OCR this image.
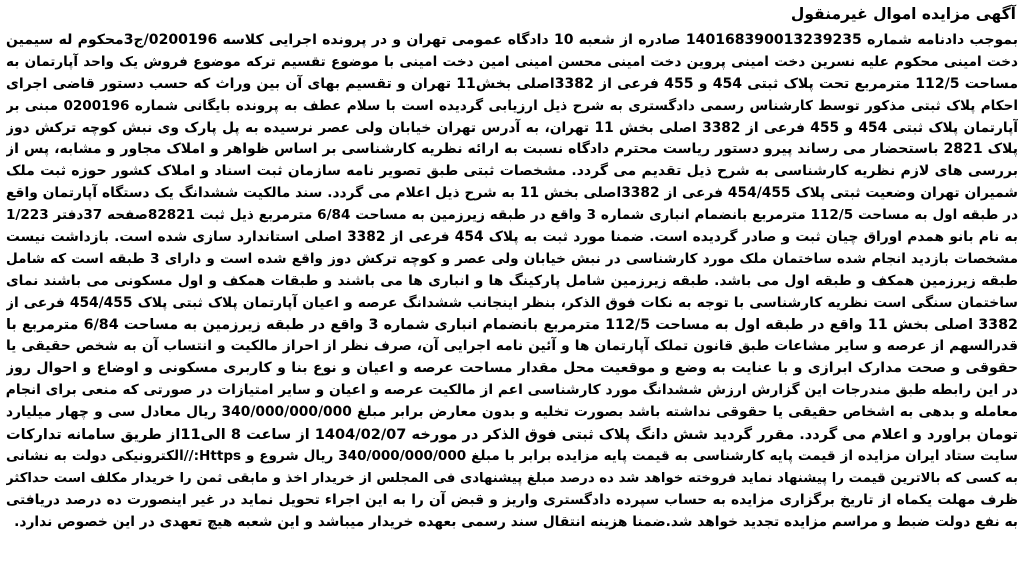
آگهی مزایده اموال غیرمنقول
بموجب دادنامه شماره 140168390013239235 صادره از شعبه 10 دادگاه عمومی تهران و در پرونده اجرایی کلاسه 0200196/ج3محکوم له سیمین
دخت امینی محکوم علیه نسرین دخت امینی پروین دخت امینی محسن امینی امین دخت امینی با موضوع تقسیم ترکه موضوع فروش یک واحد آپارتمان به
مساحت 112/5 مترمربع تحت پلاک ثبتی 454 و 455 فرعی از 3382اصلی بخش11 تهران و تقسیم بهای آن بین وراث که حسب دستور قاضی اجرای
احکام پلاک ثبتی مذکور توسط کارشناس رسمی دادگستری به شرح ذیل ارزیابی گردیده است با سلام عطف به پرونده بایگانی شماره 0200196 مبنی بر
آپارتمان پلاک ثبتی 454 و 455 فرعی از 3382 اصلی بخش 11 تهران، به آدرس تهران خیابان ولی عصر نرسیده به پل پارک وی نبش کوچه ترکش دوز
پلاک 2821 باستحضار می رساند پیرو دستور ریاست محترم دادگاه نسبت به ارائه نظریه کارشناسی بر اساس ظواهر و املاک مجاور و مشابه، پس از
بررسی های لازم نظریه کارشناسی به شرح ذیل تقدیم می گردد. مشخصات ثبتی طبق تصویر نامه سازمان ثبت اسناد و املاک کشور حوزه ثبت ملک
شمیران تهران وضعیت ثبتی پلاک 454/455 فرعی از 3382اصلی بخش 11 به شرح ذیل اعلام می گردد. سند مالکیت ششدانگ یک دستگاه آپارتمان واقع
در طبقه اول به مساحت 112/5 مترمربع بانضمام انباری شماره 3 واقع در طبقه زیرزمین به مساحت 6/84 مترمربع ذیل ثبت 82821صفحه 37دفتر 1/223
به نام بانو همدم اوراق چیان ثبت و صادر گردیده است. ضمنا مورد ثبت به پلاک 454 فرعی از 3382 اصلی استاندارد سازی شده است. بازداشت نیست
مشخصات بازدید انجام شده ساختمان ملک مورد کارشناسی در نبش خیابان ولی عصر و کوچه ترکش دوز واقع شده است و دارای 3 طبقه است که شامل
طبقه زیرزمین همکف و طبقه اول می باشد. طبقه زیرزمین شامل پارکینگ ها و انباری ها می باشند و طبقات همکف و اول مسکونی می باشند نمای
ساختمان سنگی است نظریه کارشناسی با توجه به نکات فوق الذکر، بنظر اینجانب ششدانگ عرصه و اعیان آپارتمان پلاک ثبتی پلاک 454/455 فرعی از
3382 اصلی بخش 11 واقع در طبقه اول به مساحت 112/5 مترمربع بانضمام انباری شماره 3 واقع در طبقه زیرزمین به مساحت 6/84 مترمربع با
قدرالسهم از عرصه و سایر مشاعات طبق قانون تملک آپارتمان ها و آئین نامه اجرایی آن، صرف نظر از احراز مالکیت و انتساب آن به شخص حقیقی یا
حقوقی و صحت مدارک ابرازی و با عنایت به وضع و موقعیت محل مقدار مساحت عرصه و اعیان و نوع بنا و کاربری مسکونی و اوضاع و احوال روز
در این رابطه طبق مندرجات این گزارش ارزش ششدانگ مورد کارشناسی اعم از مالکیت عرصه و اعیان و سایر امتیازات در صورتی که منعی برای انجام
معامله و بدهی به اشخاص حقیقی یا حقوقی نداشته باشد بصورت تخلیه و بدون معارض برابر مبلغ 340/000/000/000 ریال معادل سی و چهار میلیارد
تومان براورد و اعلام می گردد. مقرر گردید شش دانگ پلاک ثبتی فوق الذکر در مورخه 1404/02/07 از ساعت 8 الی11از طریق سامانه تدارکات
سایت ستاد ایران مزایده از قیمت پایه کارشناسی به قیمت پایه مزایده برابر با مبلغ 340/000/000/000 ریال شروع و Https://الکترونیکی دولت به نشانی
به کسی که بالاترین قیمت را پیشنهاد نماید فروخته خواهد شد ده درصد مبلغ پیشنهادی فی المجلس از خریدار اخذ و مابقی ثمن را خریدار مکلف است حداکثر
ظرف مهلت یکماه از تاریخ برگزاری مزایده به حساب سپرده دادگستری واریز و قبض آن را به این اجراء تحویل نماید در غیر اینصورت ده درصد دریافتی
به نفع دولت ضبط و مراسم مزایده تجدید خواهد شد.ضمنا هزینه انتقال سند رسمی بعهده خریدار میباشد و این شعبه هیچ تعهدی در این خصوص ندارد.
